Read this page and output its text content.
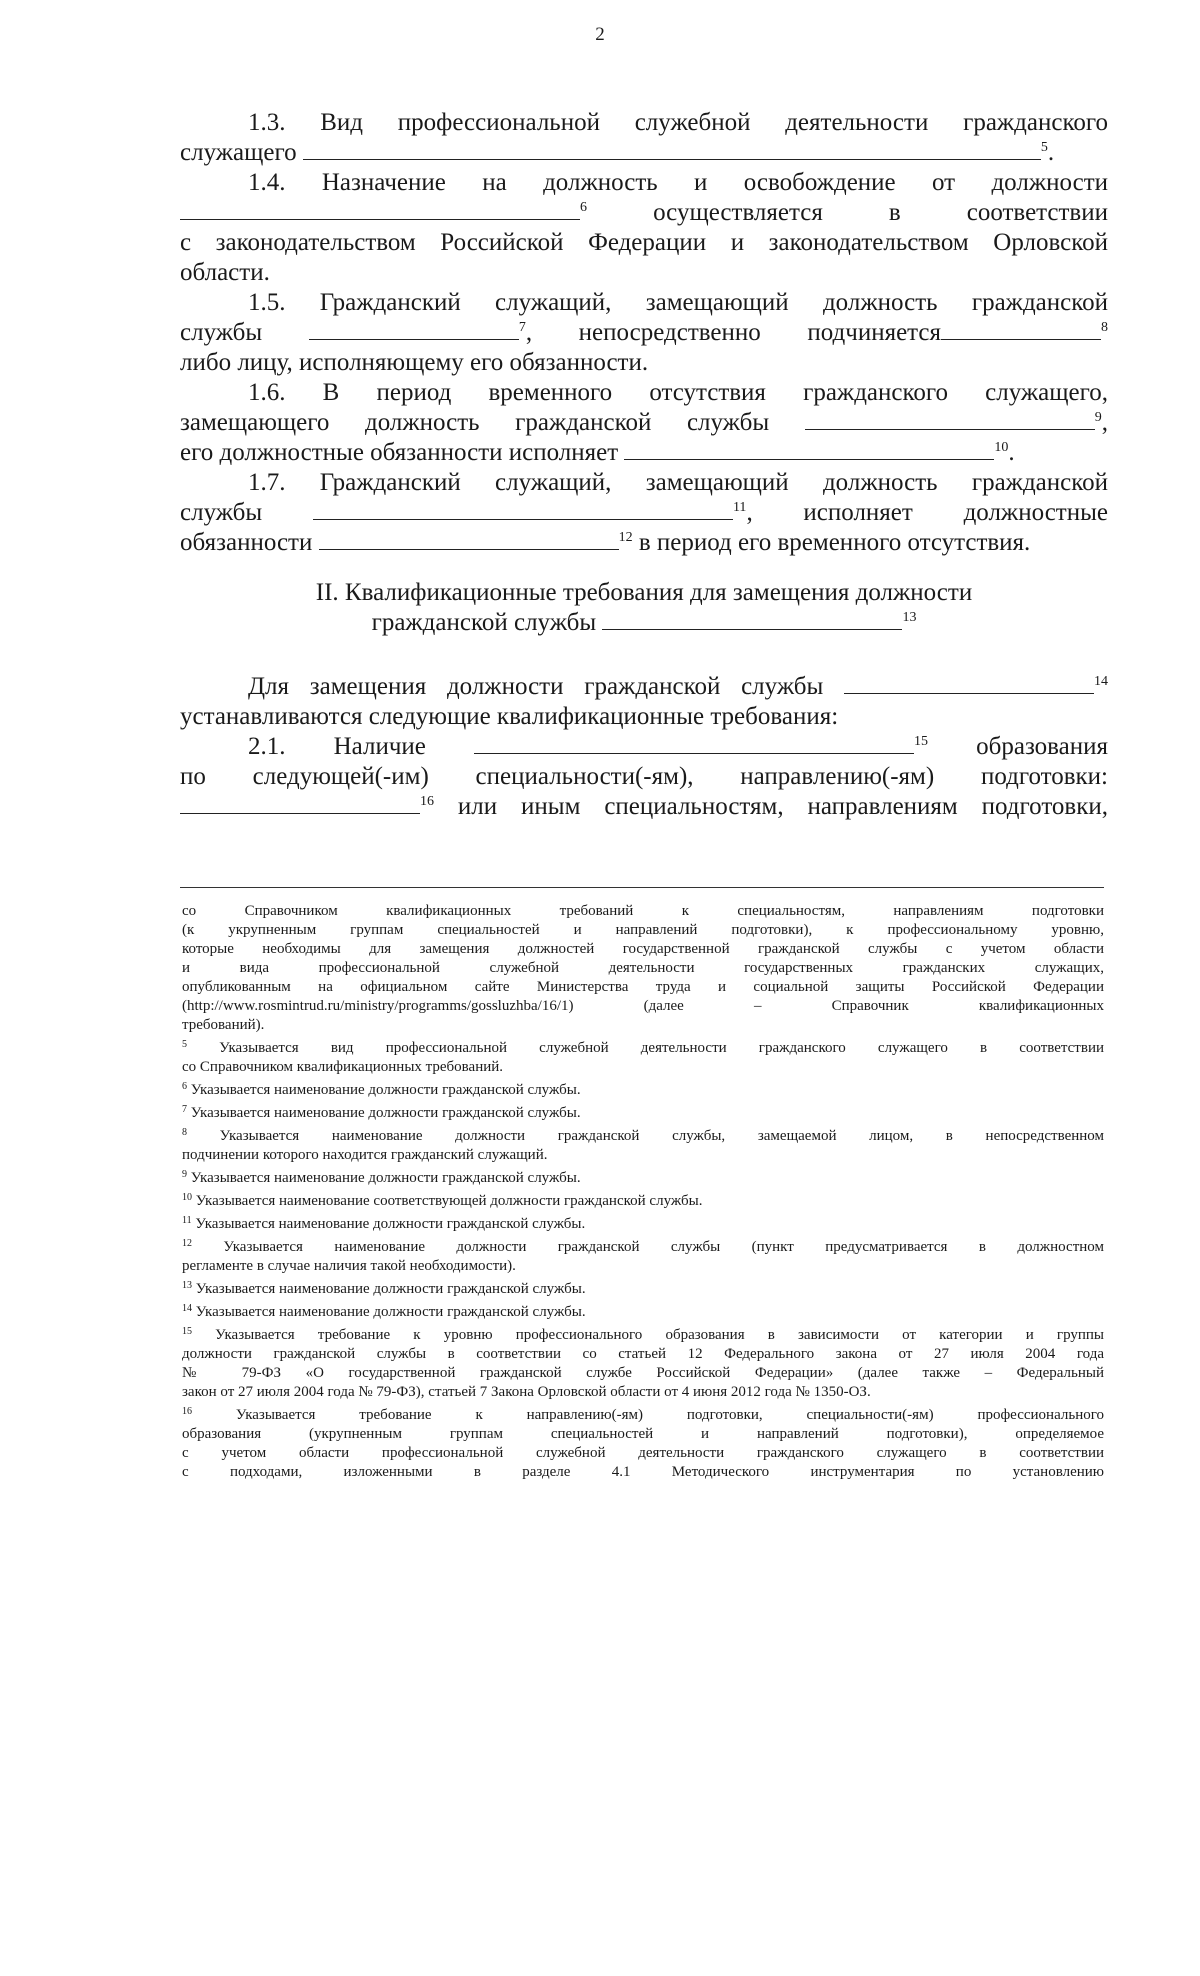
2

1.3. Вид профессиональной служебной деятельности гражданского

служащего	$^5$.

1.4. Назначение на должность и освобождение от должности

$^6$	осуществляется в соответствии

с законодательством Российской Федерации и законодательством Орловской

области.

1.5. Гражданский служащий, замещающий должность гражданской

службы	$^7$, непосредственно подчиняется	$^8$

либо лицу, исполняющему его обязанности.

1.6. В период временного отсутствия гражданского служащего,

замещающего должность гражданской службы	$^9$,

его должностные обязанности исполняет	$^{10}$.

1.7. Гражданский служащий, замещающий должность гражданской

службы	$^{11}$, исполняет должностные

обязанности	$^{12}$ в период его временного отсутствия.

II. Квалификационные требования для замещения должности
гражданской службы	$^{13}$

Для замещения должности гражданской службы	$^{14}$

устанавливаются следующие квалификационные требования:

2.1. Наличие	$^{15}$ образования

по следующей(-им) специальности(-ям), направлению(-ям) подготовки:

$^{16}$ или иным специальностям, направлениям подготовки,

со Справочником квалификационных требований к специальностям, направлениям подготовки

(к укрупненным группам специальностей и направлений подготовки), к профессиональному уровню,

которые необходимы для замещения должностей государственной гражданской службы с учетом области

и вида профессиональной служебной деятельности государственных гражданских служащих,

опубликованным на официальном сайте Министерства труда и социальной защиты Российской Федерации

(http://www.rosmintrud.ru/ministry/programms/gossluzhba/16/1) (далее – Справочник квалификационных

требований).

$^5$ Указывается вид профессиональной служебной деятельности гражданского служащего в соответствии

со Справочником квалификационных требований.

$^6$ Указывается наименование должности гражданской службы.

$^7$ Указывается наименование должности гражданской службы.

$^8$ Указывается наименование должности гражданской службы, замещаемой лицом, в непосредственном

подчинении которого находится гражданский служащий.

$^9$ Указывается наименование должности гражданской службы.

$^{10}$ Указывается наименование соответствующей должности гражданской службы.

$^{11}$ Указывается наименование должности гражданской службы.

$^{12}$ Указывается наименование должности гражданской службы (пункт предусматривается в должностном

регламенте в случае наличия такой необходимости).

$^{13}$ Указывается наименование должности гражданской службы.

$^{14}$ Указывается наименование должности гражданской службы.

$^{15}$ Указывается требование к уровню профессионального образования в зависимости от категории и группы

должности гражданской службы в соответствии со статьей 12 Федерального закона от 27 июля 2004 года

№ 79-ФЗ «О государственной гражданской службе Российской Федерации» (далее также – Федеральный

закон от 27 июля 2004 года № 79-ФЗ), статьей 7 Закона Орловской области от 4 июня 2012 года № 1350-ОЗ.

$^{16}$	Указывается требование к направлению(-ям) подготовки, специальности(-ям) профессионального

образования (укрупненным группам специальностей и направлений подготовки), определяемое

с учетом области профессиональной служебной деятельности гражданского служащего в соответствии

с подходами, изложенными в разделе 4.1 Методического инструментария по установлению
